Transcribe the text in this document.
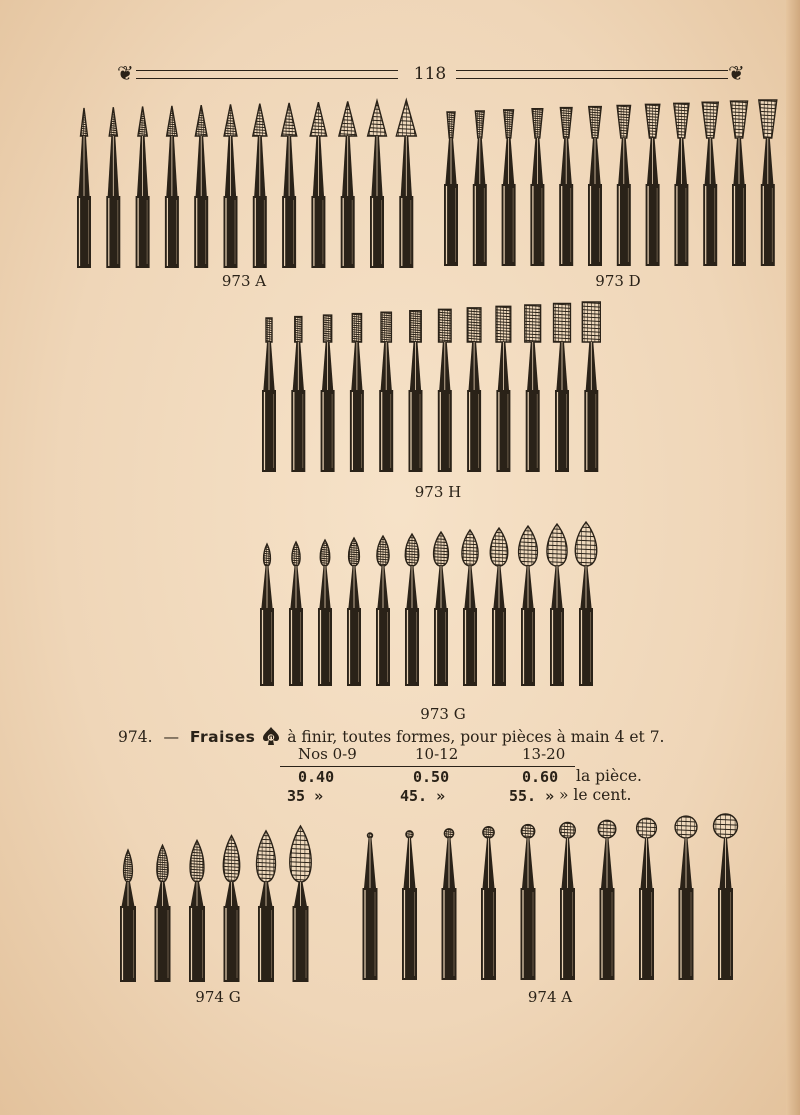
❦	118	❦
973 A	973 D
973 H
973 G
974. — Fraises à finir, toutes formes, pour pièces à main 4 et 7.
Nos 0-9	10-12	13-20
0.40	0.50	0.60 la pièce.
35 »	45. »	55. » » le cent.
974 G	974 A
